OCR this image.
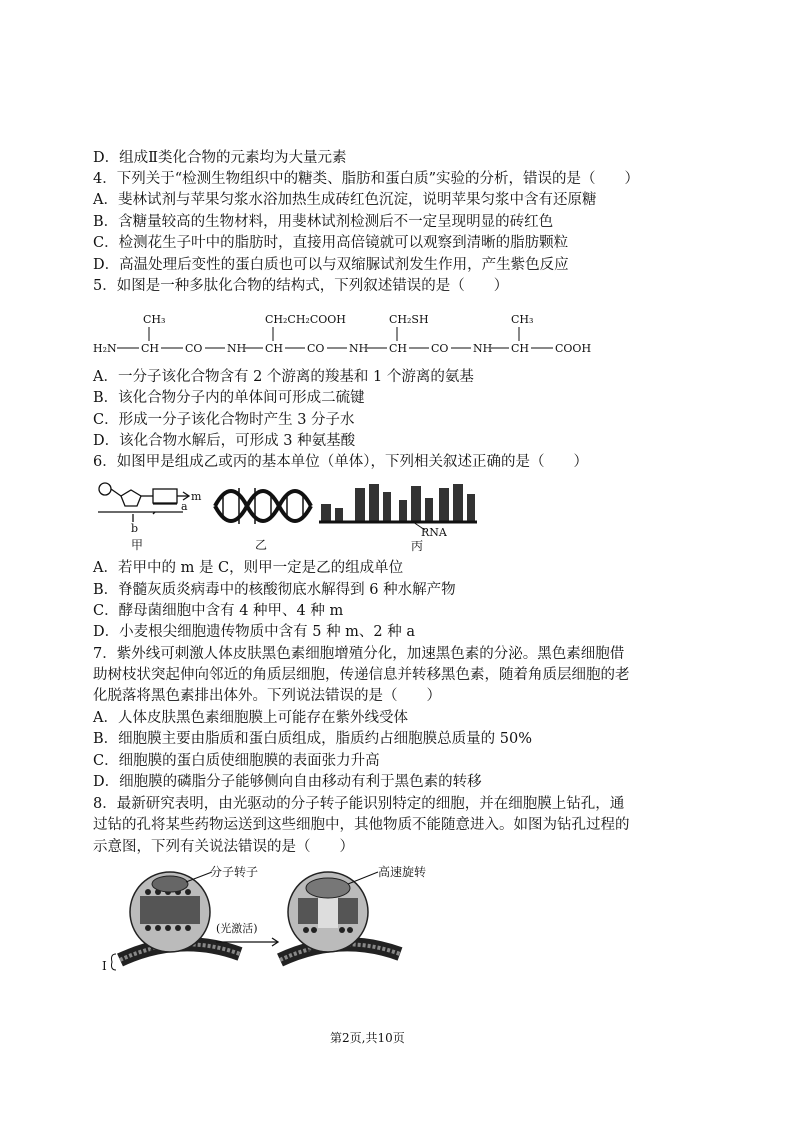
D．组成Ⅱ类化合物的元素均为大量元素
4．下列关于“检测生物组织中的糖类、脂肪和蛋白质”实验的分析，错误的是（　　）
A．斐林试剂与苹果匀浆水浴加热生成砖红色沉淀，说明苹果匀浆中含有还原糖
B．含糖量较高的生物材料，用斐林试剂检测后不一定呈现明显的砖红色
C．检测花生子叶中的脂肪时，直接用高倍镜就可以观察到清晰的脂肪颗粒
D．高温处理后变性的蛋白质也可以与双缩脲试剂发生作用，产生紫色反应
5．如图是一种多肽化合物的结构式，下列叙述错误的是（　　）
CH₃	CH₂CH₂COOH	CH₂SH	CH₃
H₂N CH CO NH CH CO NH CH CO NH CH COOH
A．一分子该化合物含有 2 个游离的羧基和 1 个游离的氨基
B．该化合物分子内的单体间可形成二硫键
C．形成一分子该化合物时产生 3 分子水
D．该化合物水解后，可形成 3 种氨基酸
6．如图甲是组成乙或丙的基本单位（单体），下列相关叙述正确的是（　　）
m
a
b
甲	乙
RNA
丙
A．若甲中的 m 是 C，则甲一定是乙的组成单位
B．脊髓灰质炎病毒中的核酸彻底水解得到 6 种水解产物
C．酵母菌细胞中含有 4 种甲、4 种 m
D．小麦根尖细胞遗传物质中含有 5 种 m、2 种 a
7．紫外线可刺激人体皮肤黑色素细胞增殖分化，加速黑色素的分泌。黑色素细胞借
助树枝状突起伸向邻近的角质层细胞，传递信息并转移黑色素，随着角质层细胞的老
化脱落将黑色素排出体外。下列说法错误的是（　　）
A．人体皮肤黑色素细胞膜上可能存在紫外线受体
B．细胞膜主要由脂质和蛋白质组成，脂质约占细胞膜总质量的 50%
C．细胞膜的蛋白质使细胞膜的表面张力升高
D．细胞膜的磷脂分子能够侧向自由移动有利于黑色素的转移
8．最新研究表明，由光驱动的分子转子能识别特定的细胞，并在细胞膜上钻孔，通
过钻的孔将某些药物运送到这些细胞中，其他物质不能随意进入。如图为钻孔过程的
示意图，下列有关说法错误的是（　　）
分子转子
(光激活)
I
高速旋转
第2页,共10页
